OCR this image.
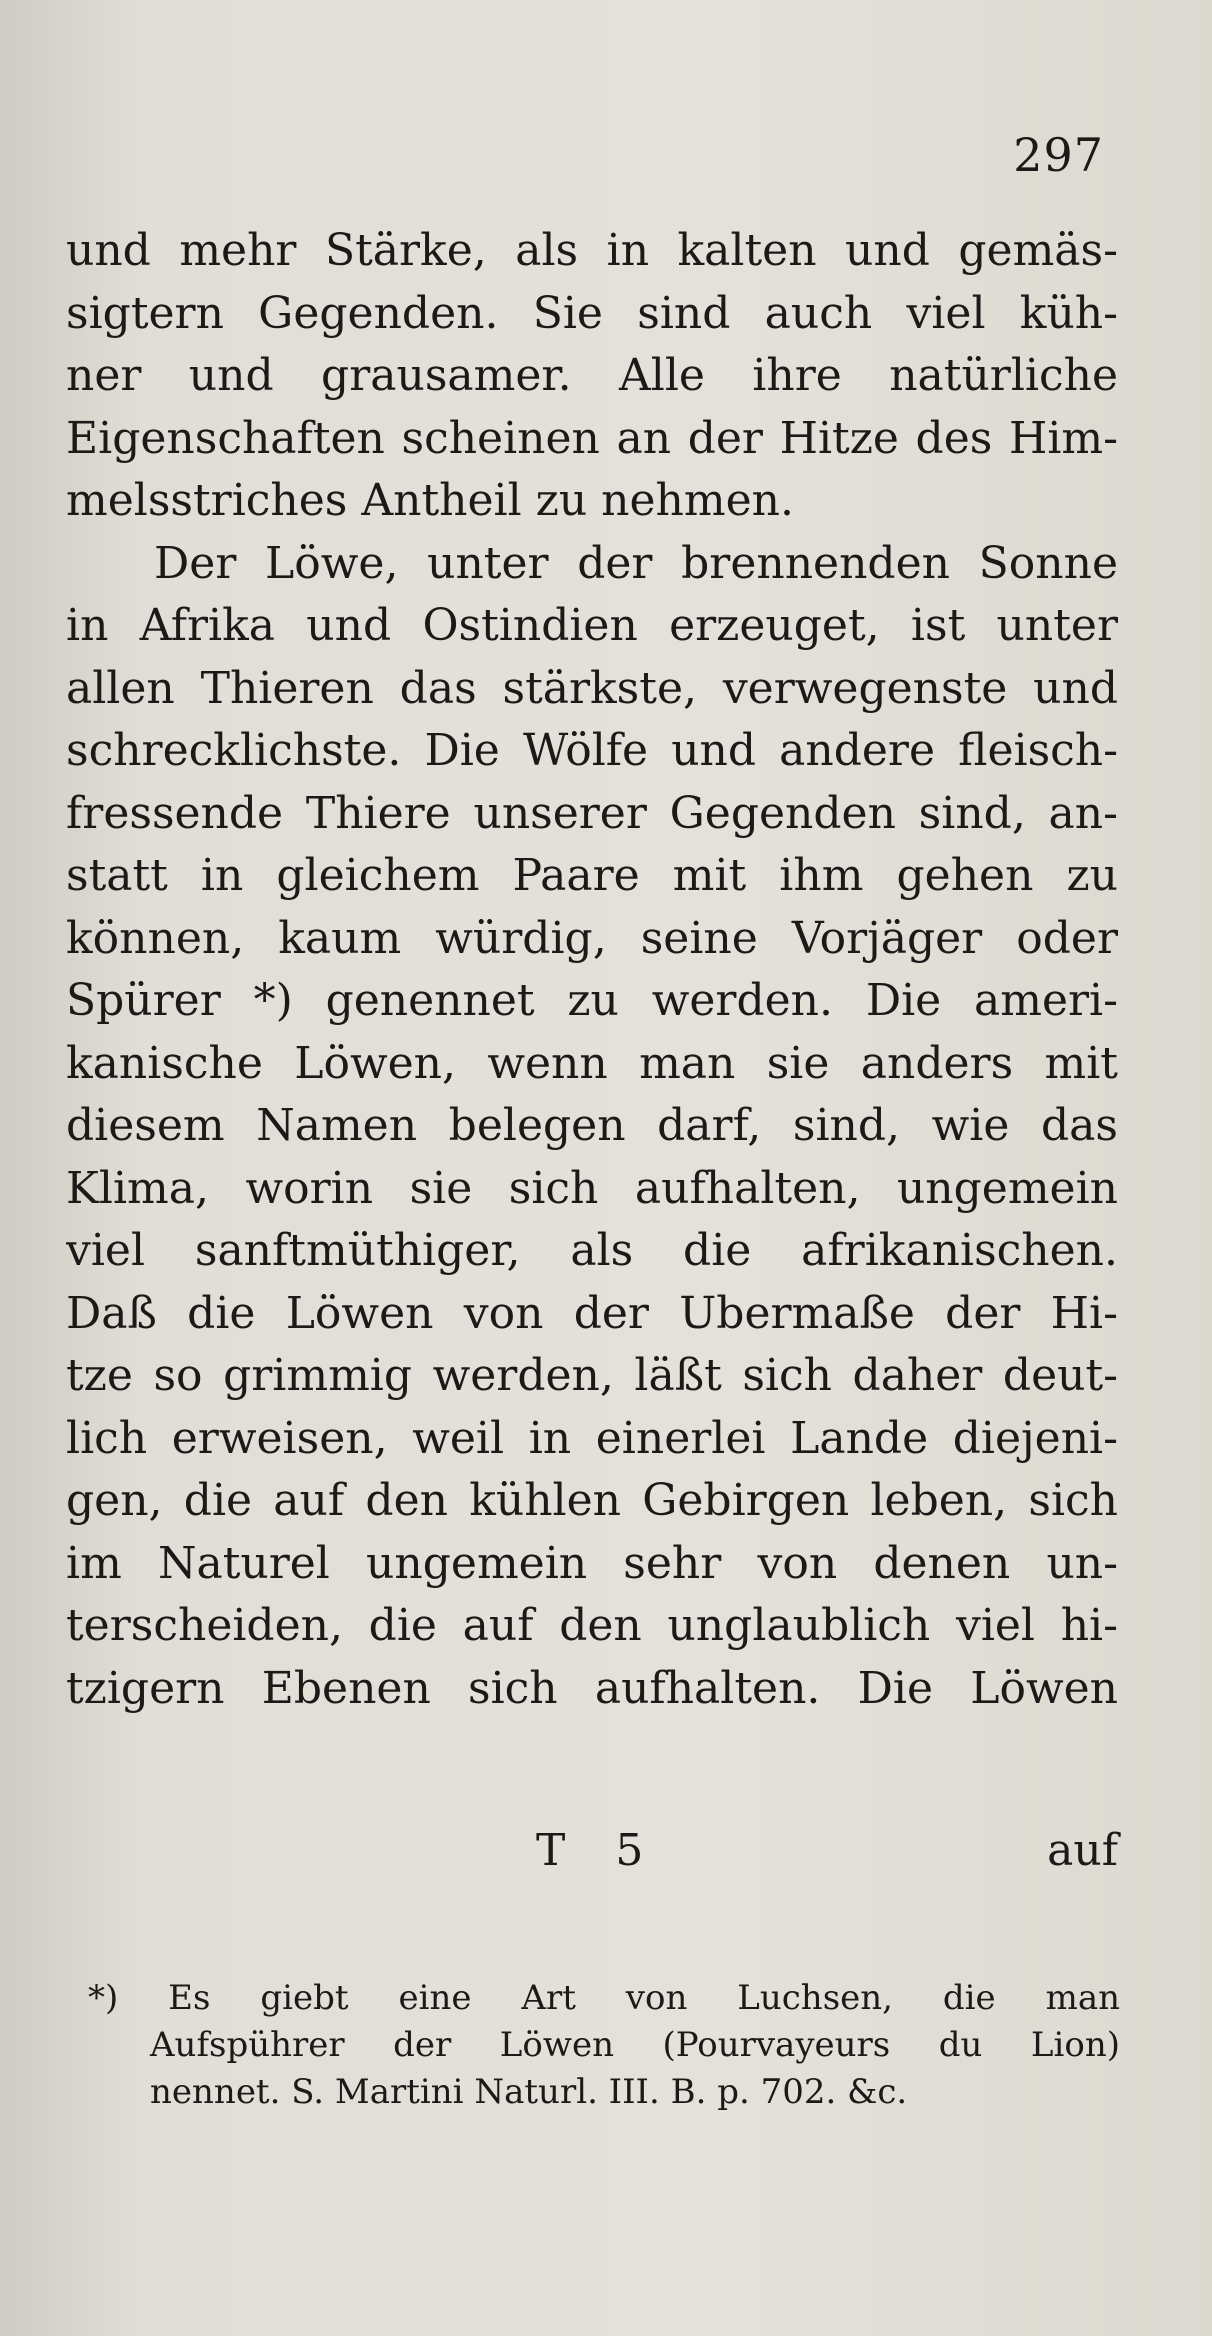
297
und mehr Stärke, als in kalten und gemäs-
sigtern Gegenden. Sie sind auch viel küh-
ner und grausamer. Alle ihre natürliche
Eigenschaften scheinen an der Hitze des Him-
melsstriches Antheil zu nehmen.
Der Löwe, unter der brennenden Sonne
in Afrika und Ostindien erzeuget, ist unter
allen Thieren das stärkste, verwegenste und
schrecklichste. Die Wölfe und andere fleisch-
fressende Thiere unserer Gegenden sind, an-
statt in gleichem Paare mit ihm gehen zu
können, kaum würdig, seine Vorjäger oder
Spürer *) genennet zu werden. Die ameri-
kanische Löwen, wenn man sie anders mit
diesem Namen belegen darf, sind, wie das
Klima, worin sie sich aufhalten, ungemein
viel sanftmüthiger, als die afrikanischen.
Daß die Löwen von der Ubermaße der Hi-
tze so grimmig werden, läßt sich daher deut-
lich erweisen, weil in einerlei Lande diejeni-
gen, die auf den kühlen Gebirgen leben, sich
im Naturel ungemein sehr von denen un-
terscheiden, die auf den unglaublich viel hi-
tzigern Ebenen sich aufhalten. Die Löwen
T 5	auf
*) Es giebt eine Art von Luchsen, die man
Aufspührer der Löwen (Pourvayeurs du Lion)
nennet. S. Martini Naturl. III. B. p. 702. &c.
